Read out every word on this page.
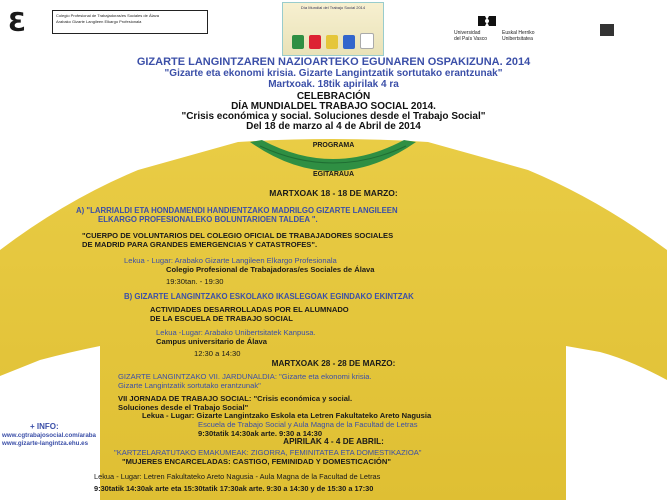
Ɛ	Colegio Profesional de Trabajadoras/es Sociales de Álava
Arabako Gizarte Langileen Elkargo Profesionala
Día Mundial del Trabajo Social 2014
Universidad
del País Vasco
Euskal Herriko
Unibertsitatea
GIZARTE LANGINTZAREN NAZIOARTEKO EGUNAREN OSPAKIZUNA. 2014
"Gizarte eta ekonomi krisia. Gizarte Langintzatik sortutako erantzunak"
Martxoak. 18tik apirilak 4 ra
CELEBRACIÓN
DÍA MUNDIALDEL TRABAJO SOCIAL 2014.
"Crisis económica y social. Soluciones desde el Trabajo Social"
Del 18 de marzo al 4 de Abril de 2014
PROGRAMA
EGITARAUA
MARTXOAK 18 - 18 DE MARZO:
A) "LARRIALDI ETA HONDAMENDI HANDIENTZAKO MADRILGO GIZARTE LANGILEEN
ELKARGO PROFESIONALEKO BOLUNTARIOEN TALDEA ".
"CUERPO DE VOLUNTARIOS DEL COLEGIO OFICIAL DE TRABAJADORES SOCIALES
DE MADRID PARA GRANDES EMERGENCIAS Y CATASTROFES".
Lekua - Lugar: Arabako Gizarte Langileen Elkargo Profesionala
Colegio Profesional de Trabajadoras/es Sociales de Álava
19:30tan. - 19:30
B) GIZARTE LANGINTZAKO ESKOLAKO IKASLEGOAK EGINDAKO EKINTZAK
ACTIVIDADES DESARROLLADAS POR EL ALUMNADO
DE LA ESCUELA DE TRABAJO SOCIAL
Lekua -Lugar: Arabako Unibertsitatek Kanpusa.
Campus universitario de Álava
12:30 a 14:30
MARTXOAK 28 - 28 DE MARZO:
GIZARTE LANGINTZAKO VII. JARDUNALDIA: "Gizarte eta ekonomi krisia.
Gizarte Langintzatik sortutako erantzunak"
VII JORNADA DE TRABAJO SOCIAL: "Crisis económica y social.
Soluciones desde el Trabajo Social"
Lekua - Lugar: Gizarte Langintzako Eskola eta Letren Fakultateko Areto Nagusia
Escuela de Trabajo Social y Aula Magna de la Facultad de Letras
9:30tatik 14:30ak arte. 9:30 a 14:30
APIRILAK 4 - 4 DE ABRIL:
"KARTZELARATUTAKO EMAKUMEAK: ZIGORRA, FEMINITATEA ETA DOMESTIKAZIOA"
"MUJERES ENCARCELADAS: CASTIGO, FEMINIDAD Y DOMESTICACIÓN"
Lekua - Lugar: Letren Fakultateko Areto Nagusia - Aula Magna de la Facultad de Letras
9:30tatik 14:30ak arte eta 15:30tatik 17:30ak arte. 9:30 a 14:30 y de 15:30 a 17:30
+ INFO:
www.cgtrabajosocial.com/araba
www.gizarte-langintza.ehu.es
